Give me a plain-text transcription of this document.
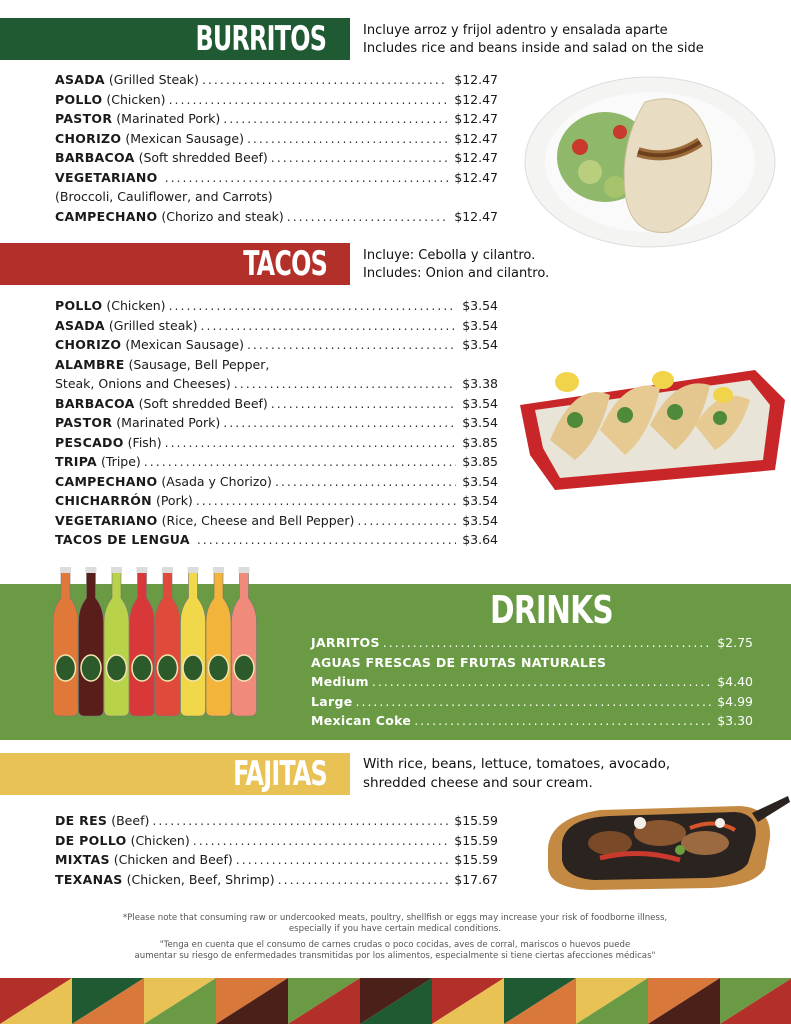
BURRITOS	Incluye arroz y frijol adentro y ensalada aparte
Includes rice and beans inside and salad on the side
ASADA (Grilled Steak) .....	$12.47
POLLO (Chicken) .....	$12.47
PASTOR (Marinated Pork) .....	$12.47
CHORIZO (Mexican Sausage) .....	$12.47
BARBACOA (Soft shredded Beef) .....	$12.47
VEGETARIANO .....	$12.47
(Broccoli, Cauliflower, and Carrots)
CAMPECHANO (Chorizo and steak) .....	$12.47
TACOS	Incluye: Cebolla y cilantro.
Includes: Onion and cilantro.
POLLO (Chicken) .....	$3.54
ASADA (Grilled steak) .....	$3.54
CHORIZO (Mexican Sausage) .....	$3.54
ALAMBRE (Sausage, Bell Pepper,
Steak, Onions and Cheeses) .....	$3.38
BARBACOA (Soft shredded Beef) .....	$3.54
PASTOR (Marinated Pork) .....	$3.54
PESCADO (Fish) .....	$3.85
TRIPA (Tripe) .....	$3.85
CAMPECHANO (Asada y Chorizo) .....	$3.54
CHICHARRÓN (Pork) .....	$3.54
VEGETARIANO (Rice, Cheese and Bell Pepper) .....	$3.54
TACOS DE LENGUA .....	$3.64
DRINKS
JARRITOS .....	$2.75
AGUAS FRESCAS DE FRUTAS NATURALES
Medium .....	$4.40
Large .....	$4.99
Mexican Coke .....	$3.30
FAJITAS	With rice, beans, lettuce, tomatoes, avocado,
shredded cheese and sour cream.
DE RES (Beef) .....	$15.59
DE POLLO (Chicken) .....	$15.59
MIXTAS (Chicken and Beef) .....	$15.59
TEXANAS (Chicken, Beef, Shrimp) .....	$17.67
*Please note that consuming raw or undercooked meats, poultry, shellfish or eggs may increase your risk of foodborne illness,
especially if you have certain medical conditions.
"Tenga en cuenta que el consumo de carnes crudas o poco cocidas, aves de corral, mariscos o huevos puede
aumentar su riesgo de enfermedades transmitidas por los alimentos, especialmente si tiene ciertas afecciones médicas"
